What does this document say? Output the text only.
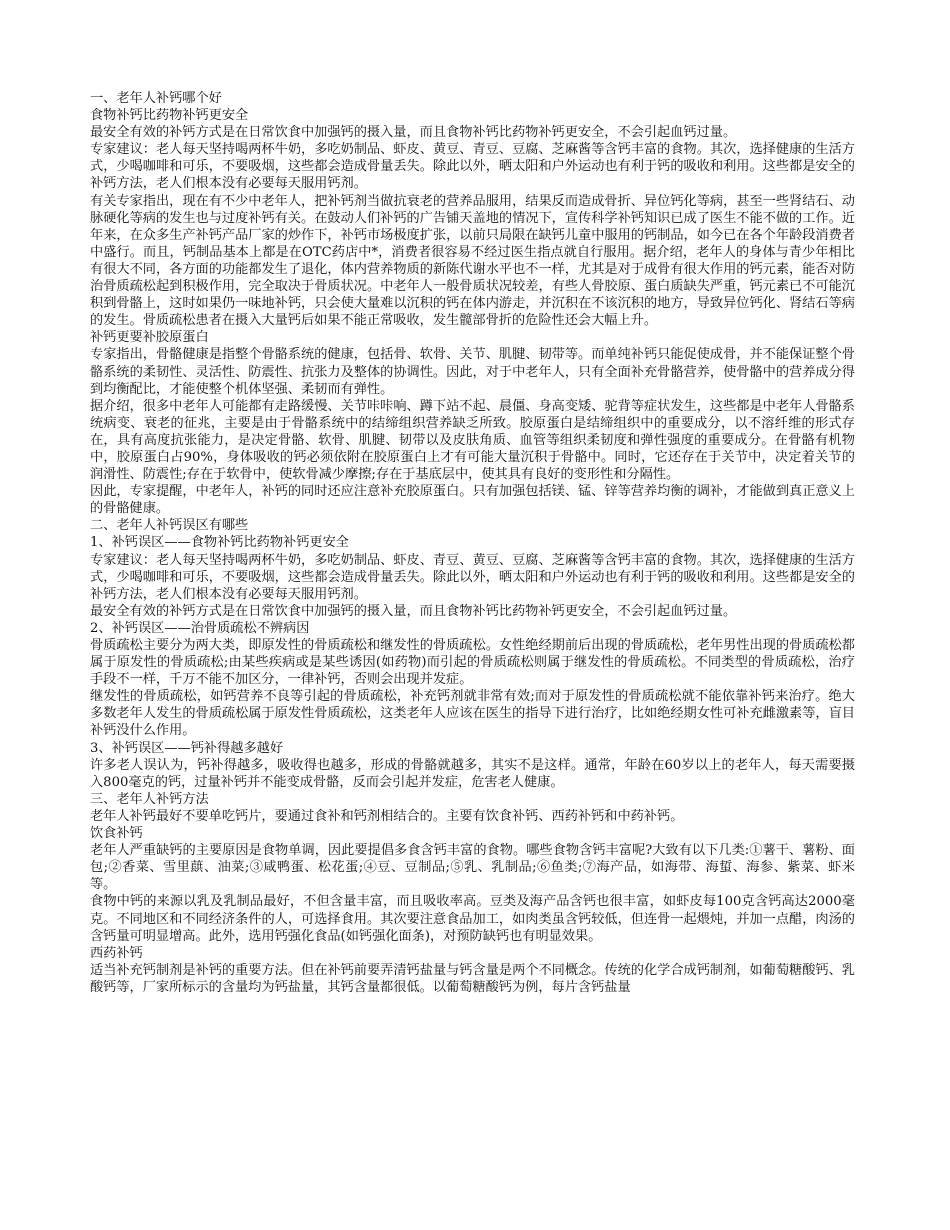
一、老年人补钙哪个好

食物补钙比药物补钙更安全

最安全有效的补钙方式是在日常饮食中加强钙的摄入量，而且食物补钙比药物补钙更安全，不会引起血钙过量。

专家建议：老人每天坚持喝两杯牛奶，多吃奶制品、虾皮、黄豆、青豆、豆腐、芝麻酱等含钙丰富的食物。其次，选择健康的生活方式，少喝咖啡和可乐，不要吸烟，这些都会造成骨量丢失。除此以外，晒太阳和户外运动也有利于钙的吸收和利用。这些都是安全的补钙方法，老人们根本没有必要每天服用钙剂。

有关专家指出，现在有不少中老年人，把补钙剂当做抗衰老的营养品服用，结果反而造成骨折、异位钙化等病，甚至一些肾结石、动脉硬化等病的发生也与过度补钙有关。在鼓动人们补钙的广告铺天盖地的情况下，宣传科学补钙知识已成了医生不能不做的工作。近年来，在众多生产补钙产品厂家的炒作下，补钙市场极度扩张，以前只局限在缺钙儿童中服用的钙制品，如今已在各个年龄段消费者中盛行。而且，钙制品基本上都是在OTC药店中*，消费者很容易不经过医生指点就自行服用。据介绍，老年人的身体与青少年相比有很大不同，各方面的功能都发生了退化，体内营养物质的新陈代谢水平也不一样，尤其是对于成骨有很大作用的钙元素，能否对防治骨质疏松起到积极作用，完全取决于骨质状况。中老年人一般骨质状况较差，有些人骨胶原、蛋白质缺失严重，钙元素已不可能沉积到骨骼上，这时如果仍一味地补钙，只会使大量难以沉积的钙在体内游走，并沉积在不该沉积的地方，导致异位钙化、肾结石等病的发生。骨质疏松患者在摄入大量钙后如果不能正常吸收，发生髋部骨折的危险性还会大幅上升。

补钙更要补胶原蛋白

专家指出，骨骼健康是指整个骨骼系统的健康，包括骨、软骨、关节、肌腱、韧带等。而单纯补钙只能促使成骨，并不能保证整个骨骼系统的柔韧性、灵活性、防震性、抗张力及整体的协调性。因此，对于中老年人，只有全面补充骨骼营养，使骨骼中的营养成分得到均衡配比，才能使整个机体坚强、柔韧而有弹性。

据介绍，很多中老年人可能都有走路缓慢、关节咔咔响、蹲下站不起、晨僵、身高变矮、驼背等症状发生，这些都是中老年人骨骼系统病变、衰老的征兆，主要是由于骨骼系统中的结缔组织营养缺乏所致。胶原蛋白是结缔组织中的重要成分，以不溶纤维的形式存在，具有高度抗张能力，是决定骨骼、软骨、肌腱、韧带以及皮肤角质、血管等组织柔韧度和弹性强度的重要成分。在骨骼有机物中，胶原蛋白占90%，身体吸收的钙必须依附在胶原蛋白上才有可能大量沉积于骨骼中。同时，它还存在于关节中，决定着关节的润滑性、防震性;存在于软骨中，使软骨减少摩擦;存在于基底层中，使其具有良好的变形性和分隔性。

因此，专家提醒，中老年人，补钙的同时还应注意补充胶原蛋白。只有加强包括镁、锰、锌等营养均衡的调补，才能做到真正意义上的骨骼健康。

二、老年人补钙误区有哪些

1、补钙误区——食物补钙比药物补钙更安全

专家建议：老人每天坚持喝两杯牛奶，多吃奶制品、虾皮、青豆、黄豆、豆腐、芝麻酱等含钙丰富的食物。其次，选择健康的生活方式，少喝咖啡和可乐，不要吸烟，这些都会造成骨量丢失。除此以外，晒太阳和户外运动也有利于钙的吸收和利用。这些都是安全的补钙方法，老人们根本没有必要每天服用钙剂。

最安全有效的补钙方式是在日常饮食中加强钙的摄入量，而且食物补钙比药物补钙更安全，不会引起血钙过量。

2、补钙误区——治骨质疏松不辨病因

骨质疏松主要分为两大类，即原发性的骨质疏松和继发性的骨质疏松。女性绝经期前后出现的骨质疏松，老年男性出现的骨质疏松都属于原发性的骨质疏松;由某些疾病或是某些诱因(如药物)而引起的骨质疏松则属于继发性的骨质疏松。不同类型的骨质疏松，治疗手段不一样，千万不能不加区分，一律补钙，否则会出现并发症。

继发性的骨质疏松，如钙营养不良等引起的骨质疏松，补充钙剂就非常有效;而对于原发性的骨质疏松就不能依靠补钙来治疗。绝大多数老年人发生的骨质疏松属于原发性骨质疏松，这类老年人应该在医生的指导下进行治疗，比如绝经期女性可补充雌激素等，盲目补钙没什么作用。

3、补钙误区——钙补得越多越好

许多老人误认为，钙补得越多，吸收得也越多，形成的骨骼就越多，其实不是这样。通常，年龄在60岁以上的老年人，每天需要摄入800毫克的钙，过量补钙并不能变成骨骼，反而会引起并发症，危害老人健康。

三、老年人补钙方法

老年人补钙最好不要单吃钙片，要通过食补和钙剂相结合的。主要有饮食补钙、西药补钙和中药补钙。

饮食补钙

老年人严重缺钙的主要原因是食物单调，因此要提倡多食含钙丰富的食物。哪些食物含钙丰富呢?大致有以下几类:①薯干、薯粉、面包;②香菜、雪里蕻、油菜;③咸鸭蛋、松花蛋;④豆、豆制品;⑤乳、乳制品;⑥鱼类;⑦海产品，如海带、海蜇、海参、紫菜、虾米等。

食物中钙的来源以乳及乳制品最好，不但含量丰富，而且吸收率高。豆类及海产品含钙也很丰富，如虾皮每100克含钙高达2000毫克。不同地区和不同经济条件的人，可选择食用。其次要注意食品加工，如肉类虽含钙较低，但连骨一起煨炖，并加一点醋，肉汤的含钙量可明显增高。此外，选用钙强化食品(如钙强化面条)，对预防缺钙也有明显效果。

西药补钙

适当补充钙制剂是补钙的重要方法。但在补钙前要弄清钙盐量与钙含量是两个不同概念。传统的化学合成钙制剂，如葡萄糖酸钙、乳酸钙等，厂家所标示的含量均为钙盐量，其钙含量都很低。以葡萄糖酸钙为例，每片含钙盐量
